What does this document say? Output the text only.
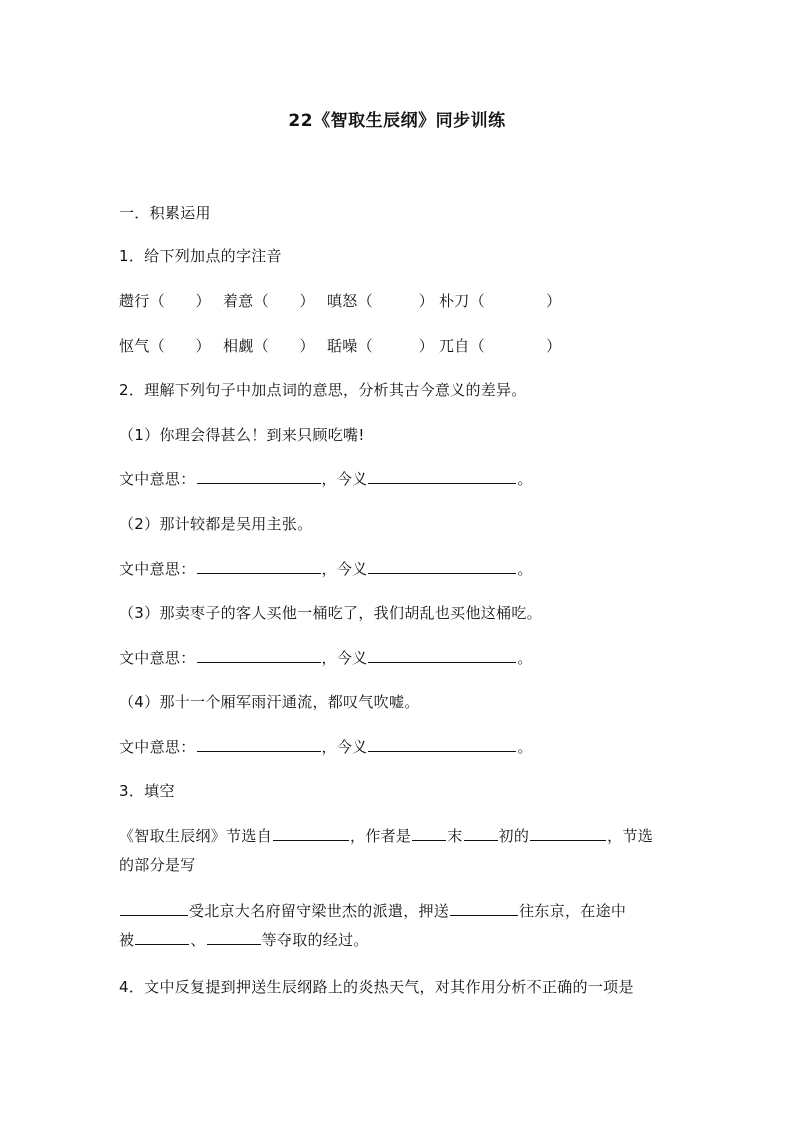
22《智取生辰纲》同步训练
一．积累运用
1．给下列加点的字注音
趱行（　　） 着意（　　） 嗔怒（　　　） 朴刀（　　　　）
怄气（　　） 相觑（　　） 聒噪（　　　） 兀自（　　　　）
2．理解下列句子中加点词的意思，分析其古今意义的差异。
（1）你理会得甚么！到来只顾吃嘴!
文中意思：	，今义	。
（2）那计较都是吴用主张。
文中意思：	，今义	。
（3）那卖枣子的客人买他一桶吃了，我们胡乱也买他这桶吃。
文中意思：	，今义	。
（4）那十一个厢军雨汗通流，都叹气吹嘘。
文中意思：	，今义	。
3．填空
《智取生辰纲》节选自	，作者是 末 初的	，节选
的部分是写
受北京大名府留守梁世杰的派遣，押送	往东京，在途中
被	、	等夺取的经过。
4．文中反复提到押送生辰纲路上的炎热天气，对其作用分析不正确的一项是
